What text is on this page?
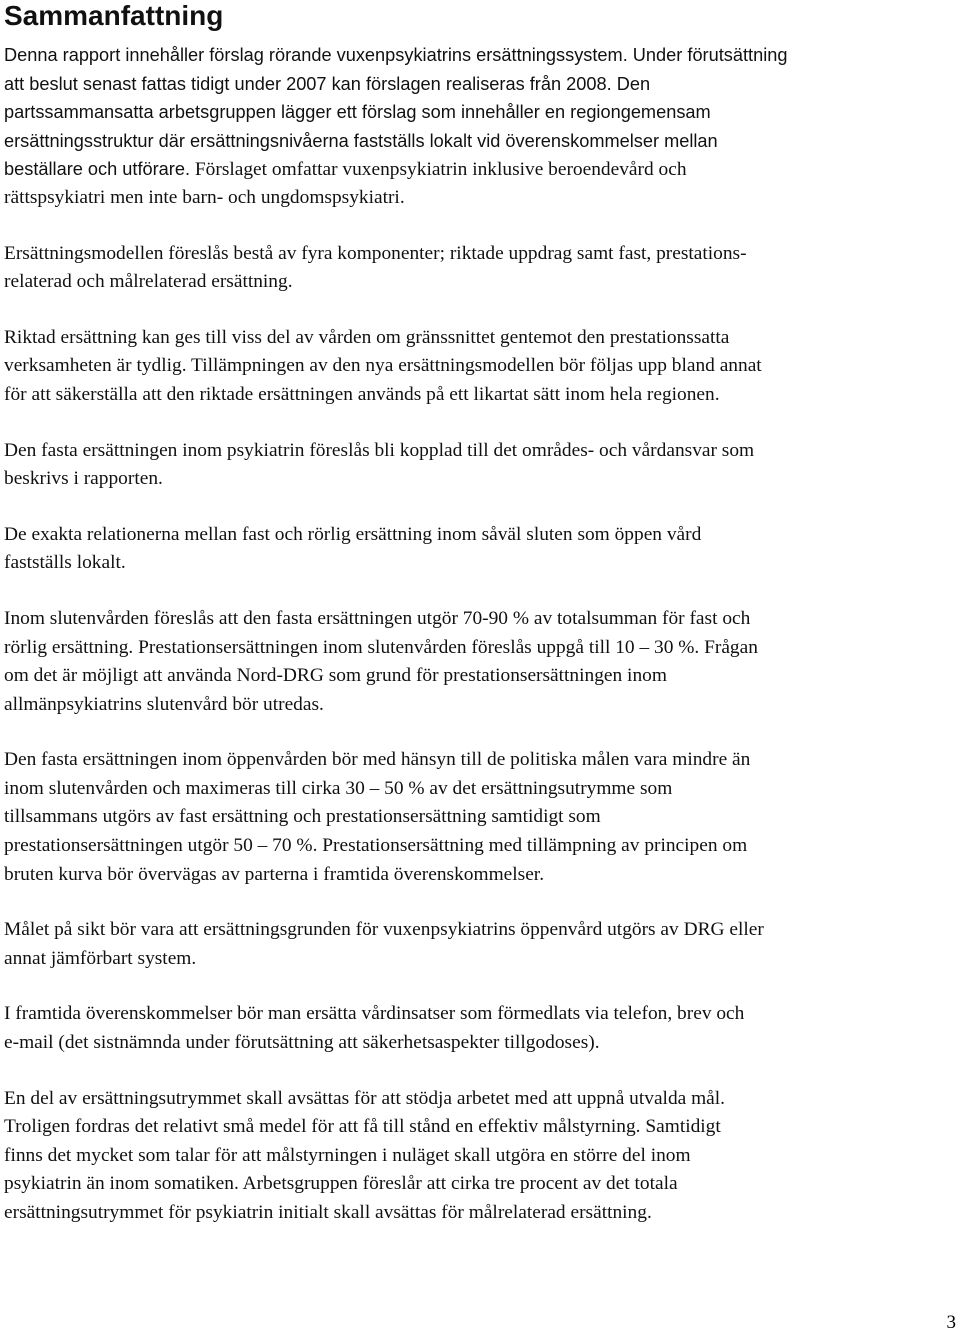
Sammanfattning

Denna rapport innehåller förslag rörande vuxenpsykiatrins ersättningssystem. Under förutsättning
att beslut senast fattas tidigt under 2007 kan förslagen realiseras från 2008. Den
partssammansatta arbetsgruppen lägger ett förslag som innehåller en regiongemensam
ersättningsstruktur där ersättningsnivåerna fastställs lokalt vid överenskommelser mellan
beställare och utförare. Förslaget omfattar vuxenpsykiatrin inklusive beroendevård och
rättspsykiatri men inte barn- och ungdomspsykiatri.

Ersättningsmodellen föreslås bestå av fyra komponenter; riktade uppdrag samt fast, prestations-
relaterad och målrelaterad ersättning.

Riktad ersättning kan ges till viss del av vården om gränssnittet gentemot den prestationssatta
verksamheten är tydlig. Tillämpningen av den nya ersättningsmodellen bör följas upp bland annat
för att säkerställa att den riktade ersättningen används på ett likartat sätt inom hela regionen.

Den fasta ersättningen inom psykiatrin föreslås bli kopplad till det områdes- och vårdansvar som
beskrivs i rapporten.

De exakta relationerna mellan fast och rörlig ersättning inom såväl sluten som öppen vård
fastställs lokalt.

Inom slutenvården föreslås att den fasta ersättningen utgör 70-90 % av totalsumman för fast och
rörlig ersättning. Prestationsersättningen inom slutenvården föreslås uppgå till 10 – 30 %. Frågan
om det är möjligt att använda Nord-DRG som grund för prestationsersättningen inom
allmänpsykiatrins slutenvård bör utredas.

Den fasta ersättningen inom öppenvården bör med hänsyn till de politiska målen vara mindre än
inom slutenvården och maximeras till cirka 30 – 50 % av det ersättningsutrymme som
tillsammans utgörs av fast ersättning och prestationsersättning samtidigt som
prestationsersättningen utgör 50 – 70 %. Prestationsersättning med tillämpning av principen om
bruten kurva bör övervägas av parterna i framtida överenskommelser.

Målet på sikt bör vara att ersättningsgrunden för vuxenpsykiatrins öppenvård utgörs av DRG eller
annat jämförbart system.

I framtida överenskommelser bör man ersätta vårdinsatser som förmedlats via telefon, brev och
e-mail (det sistnämnda under förutsättning att säkerhetsaspekter tillgodoses).

En del av ersättningsutrymmet skall avsättas för att stödja arbetet med att uppnå utvalda mål.
Troligen fordras det relativt små medel för att få till stånd en effektiv målstyrning. Samtidigt
finns det mycket som talar för att målstyrningen i nuläget skall utgöra en större del inom
psykiatrin än inom somatiken. Arbetsgruppen föreslår att cirka tre procent av det totala
ersättningsutrymmet för psykiatrin initialt skall avsättas för målrelaterad ersättning.

3
